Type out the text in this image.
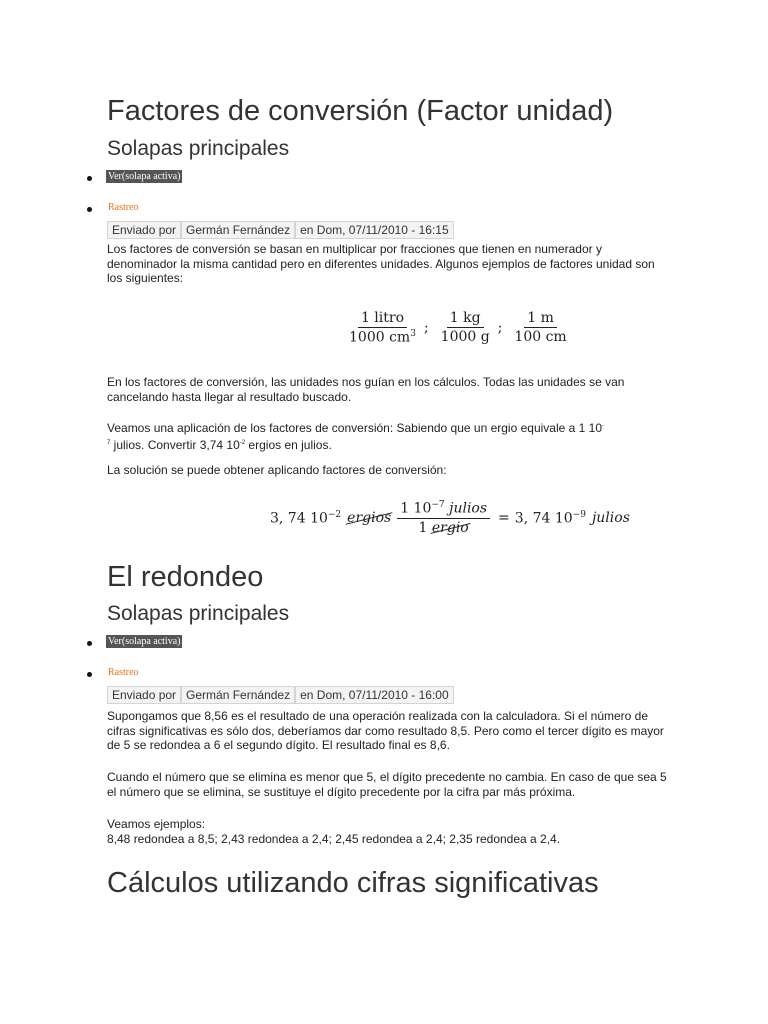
Factores de conversión (Factor unidad)
Solapas principales
Ver(solapa activa)
Rastreo
Enviado por Germán Fernández en Dom, 07/11/2010 - 16:15

Los factores de conversión se basan en multiplicar por fracciones que tienen en numerador y denominador la misma cantidad pero en diferentes unidades. Algunos ejemplos de factores unidad son los siguientes:

$\frac{\text{1 litro}}{1000 cm^3}$ ; $\frac{1 kg}{1000 g}$ ; $\frac{1 m}{100 cm}$

En los factores de conversión, las unidades nos guían en los cálculos. Todas las unidades se van cancelando hasta llegar al resultado buscado.

Veamos una aplicación de los factores de conversión: Sabiendo que un ergio equivale a 1 10-
$^7$ julios. Convertir 3,74 $10^{-2}$ ergios en julios.

La solución se puede obtener aplicando factores de conversión:

3, 74 $10^{-2}$ ergios $\frac{1 10^{-7} julios}{\text{1 ergio}} = 3$, 74 $10^{-9}$ julios
El redondeo
Solapas principales
Ver(solapa activa)
Rastreo
Enviado por Germán Fernández en Dom, 07/11/2010 - 16:00

Supongamos que 8,56 es el resultado de una operación realizada con la calculadora. Si el número de cifras significativas es sólo dos, deberíamos dar como resultado 8,5. Pero como el tercer dígito es mayor de 5 se redondea a 6 el segundo dígito. El resultado final es 8,6.

Cuando el número que se elimina es menor que 5, el dígito precedente no cambia. En caso de que sea 5 el número que se elimina, se sustituye el dígito precedente por la cifra par más próxima.

Veamos ejemplos:

8,48 redondea a 8,5; 2,43 redondea a 2,4; 2,45 redondea a 2,4; 2,35 redondea a 2,4.

Cálculos utilizando cifras significativas
